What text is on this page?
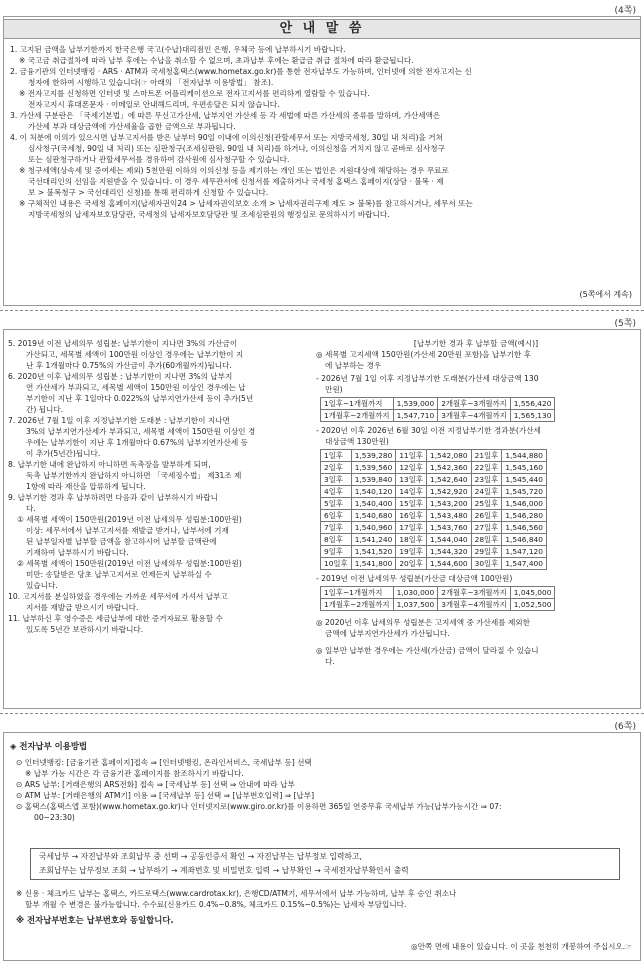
(4쪽)
안 내 말 씀
1. 고지된 금액을 납부기한까지 한국은행 국고(수납)대리점인 은행, 우체국 등에 납부하시기 바랍니다.
※ 국고금 취급절차에 따라 납부 후에는 수납을 취소할 수 없으며, 초과납부 후에는 환급금 취급 절차에 따라 환급됩니다.
2. 금융기관의 인터넷뱅킹 · ARS · ATM과 국세청홈택스(www.hometax.go.kr)를 통한 전자납부도 가능하며, 인터넷에 의한 전자고지는 신
청자에 한하여 시행하고 있습니다(☞ 아래의 「전자납부 이용방법」 참조).
※ 전자고지를 신청하면 인터넷 및 스마트폰 어플리케이션으로 전자고지서를 편리하게 열람할 수 있습니다.
전자고지시 휴대폰문자 · 이메일로 안내해드리며, 우편송달은 되지 않습니다.
3. 가산세 구분란은 「국세기본법」에 따른 무신고가산세, 납부지연 가산세 등 각 세법에 따른 가산세의 종류를 말하며, 가산세액은
가산세 부과 대상금액에 가산세율을 곱한 금액으로 부과됩니다.
4. 이 처분에 이의가 있으시면 납부고지서를 받은 날부터 90일 이내에 이의신청(관할세무서 또는 지방국세청, 30일 내 처리)을 거쳐
심사청구(국세청, 90일 내 처리) 또는 심판청구(조세심판원, 90일 내 처리)를 하거나, 이의신청을 거치지 않고 곧바로 심사청구
또는 심판청구하거나 관할세무서를 경유하여 감사원에 심사청구할 수 있습니다.
※ 청구세액(상속세 및 증여세는 제외) 5천만원 이하의 이의신청 등을 제기하는 개인 또는 법인은 지원대상에 해당하는 경우 무료로
국선대리인의 선임을 지원받을 수 있습니다. 이 경우 세무관서에 신청서를 제출하거나 국세청 홈택스 홈페이지(상담 · 불복 · 제
보 > 불복청구 > 국선대리인 신청)를 통해 편리하게 신청할 수 있습니다.
※ 구체적인 내용은 국세청 홈페이지(납세자권익24 > 납세자권익보호 소개 > 납세자권리구제 제도 > 불복)를 참고하시거나, 세무서 또는
지방국세청의 납세자보호담당관, 국세청의 납세자보호담당관 및 조세심판원의 행정실로 문의하시기 바랍니다.
(5쪽에서 계속)
(5쪽)
5. 2019년 이전 납세의무 성립분: 납부기한이 지나면 3%의 가산금이
가산되고, 세목별 세액이 100만원 이상인 경우에는 납부기한이 지
난 후 1개월마다 0.75%의 가산금이 추가(60개월까지)됩니다.
6. 2020년 이후 납세의무 성립분 : 납부기한이 지나면 3%의 납부지
연 가산세가 부과되고, 세목별 세액이 150만원 이상인 경우에는 납
부기한이 지난 후 1일마다 0.022%의 납부지연가산세 등이 추가(5년
간) 됩니다.
7. 2026년 7월 1일 이후 지정납부기한 도래분 : 납부기한이 지나면
3%의 납부지연가산세가 부과되고, 세목별 세액이 150만원 이상인 경
우에는 납부기한이 지난 후 1개월마다 0.67%의 납부지연가산세 등
이 추가(5년간)됩니다.
8. 납부기한 내에 완납하지 아니하면 독촉장을 발부하게 되며,
독촉 납부기한까지 완납하지 아니하면 「국세징수법」 제31조 제
1항에 따라 재산을 압류하게 됩니다.
9. 납부기한 경과 후 납부하려면 다음과 같이 납부하시기 바랍니
다.
① 세목별 세액이 150만원(2019년 이전 납세의무 성립분:100만원)
이상: 세무서에서 납부고지서를 재발급 받거나, 납부서에 기재
된 납부일자별 납부할 금액을 참고하시어 납부할 금액란에
기재하여 납부하시기 바랍니다.
② 세목별 세액이 150만원(2019년 이전 납세의무 성립분:100만원)
미만: 송달받은 당초 납부고지서로 언제든지 납부하실 수
있습니다.
10. 고지서를 분실하였을 경우에는 가까운 세무서에 가셔서 납부고
지서를 재발급 받으시기 바랍니다.
11. 납부하신 후 영수증은 세금납부에 대한 증거자료로 활용할 수
있도록 5년간 보관하시기 바랍니다.
[납부기한 경과 후 납부할 금액(예시)]
◎ 세목별 고지세액 150만원(가산세 20만원 포함)을 납부기한 후
에 납부하는 경우
- 2026년 7월 1일 이후 지정납부기한 도래분(가산세 대상금액 130
만원)
1일후~1개월까지	1,539,000	2개월후~3개월까지	1,556,420
1개월후~2개월까지	1,547,710	3개월후~4개월까지	1,565,130
- 2020년 이후 2026년 6월 30일 이전 지정납부기한 경과분(가산세
대상금액 130만원)
1일후	1,539,280	11일후	1,542,080	21일후	1,544,880
2일후	1,539,560	12일후	1,542,360	22일후	1,545,160
3일후	1,539,840	13일후	1,542,640	23일후	1,545,440
4일후	1,540,120	14일후	1,542,920	24일후	1,545,720
5일후	1,540,400	15일후	1,543,200	25일후	1,546,000
6일후	1,540,680	16일후	1,543,480	26일후	1,546,280
7일후	1,540,960	17일후	1,543,760	27일후	1,546,560
8일후	1,541,240	18일후	1,544,040	28일후	1,546,840
9일후	1,541,520	19일후	1,544,320	29일후	1,547,120
10일후	1,541,800	20일후	1,544,600	30일후	1,547,400
- 2019년 이전 납세의무 성립분(가산금 대상금액 100만원)
1일후~1개월까지	1,030,000	2개월후~3개월까지	1,045,000
1개월후~2개월까지	1,037,500	3개월후~4개월까지	1,052,500
◎ 2020년 이후 납세의무 성립분은 고지세액 중 가산세를 제외한
금액에 납부지연가산세가 가산됩니다.
◎ 일부만 납부한 경우에는 가산세(가산금) 금액이 달라질 수 있습니
다.
(6쪽)
◈ 전자납부 이용방법
⊙ 인터넷뱅킹: [금융기관 홈페이지]접속 ⇒ [인터넷뱅킹, 온라인서비스, 국세납부 등] 선택
※ 납부 가능 시간은 각 금융기관 홈페이지를 참조하시기 바랍니다.
⊙ ARS 납부: [거래은행의 ARS전화] 접속 ⇒ [국세납부 등] 선택 ⇒ 안내에 따라 납부
⊙ ATM 납부: [거래은행의 ATM기] 이용 ⇒ [국세납부 등] 선택 ⇒ [납부번호입력] ⇒ [납부]
⊙ 홈택스(홈택스앱 포함)(www.hometax.go.kr)나 인터넷지로(www.giro.or.kr)를 이용하면 365일 연중무휴 국세납부 가능(납부가능시간 ⇒ 07:
00~23:30)
국세납부 → 자진납부와 조회납부 중 선택 → 공동인증서 확인 → 자진납부는 납부정보 입력하고,
조회납부는 납부정보 조회 → 납부하기 → 계좌번호 및 비밀번호 입력 → 납부확인 → 국세전자납부확인서 출력
※ 신용 · 체크카드 납부는 홈택스, 카드로택스(www.cardrotax.kr), 은행CD/ATM기, 세무서에서 납부 가능하며, 납부 후 승인 취소나
할부 개월 수 변경은 불가능합니다. 수수료(신용카드 0.4%~0.8%, 체크카드 0.15%~0.5%)는 납세자 부담입니다.
※ 전자납부번호는 납부번호와 동일합니다.
◎안쪽 면에 내용이 있습니다. 이 곳을 천천히 개봉하여 주십시오.☞
